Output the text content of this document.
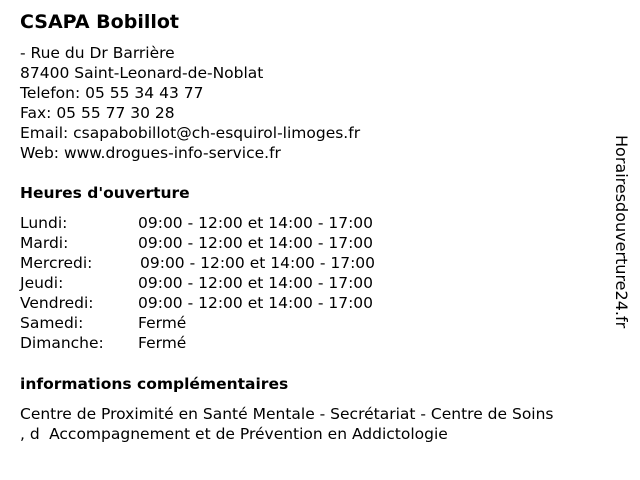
CSAPA Bobillot
- Rue du Dr Barrière
87400 Saint-Leonard-de-Noblat
Telefon: 05 55 34 43 77
Fax: 05 55 77 30 28
Email: csapabobillot@ch-esquirol-limoges.fr
Web: www.drogues-info-service.fr
Heures d'ouverture
Lundi:	09:00 - 12:00 et 14:00 - 17:00
Mardi:	09:00 - 12:00 et 14:00 - 17:00
Mercredi:	09:00 - 12:00 et 14:00 - 17:00
Jeudi:	09:00 - 12:00 et 14:00 - 17:00
Vendredi:	09:00 - 12:00 et 14:00 - 17:00
Samedi:	Fermé
Dimanche: Fermé
informations complémentaires
Centre de Proximité en Santé Mentale - Secrétariat - Centre de Soins
, dAccompagnement et de Prévention en Addictologie
Horairesdouverture24.fr
